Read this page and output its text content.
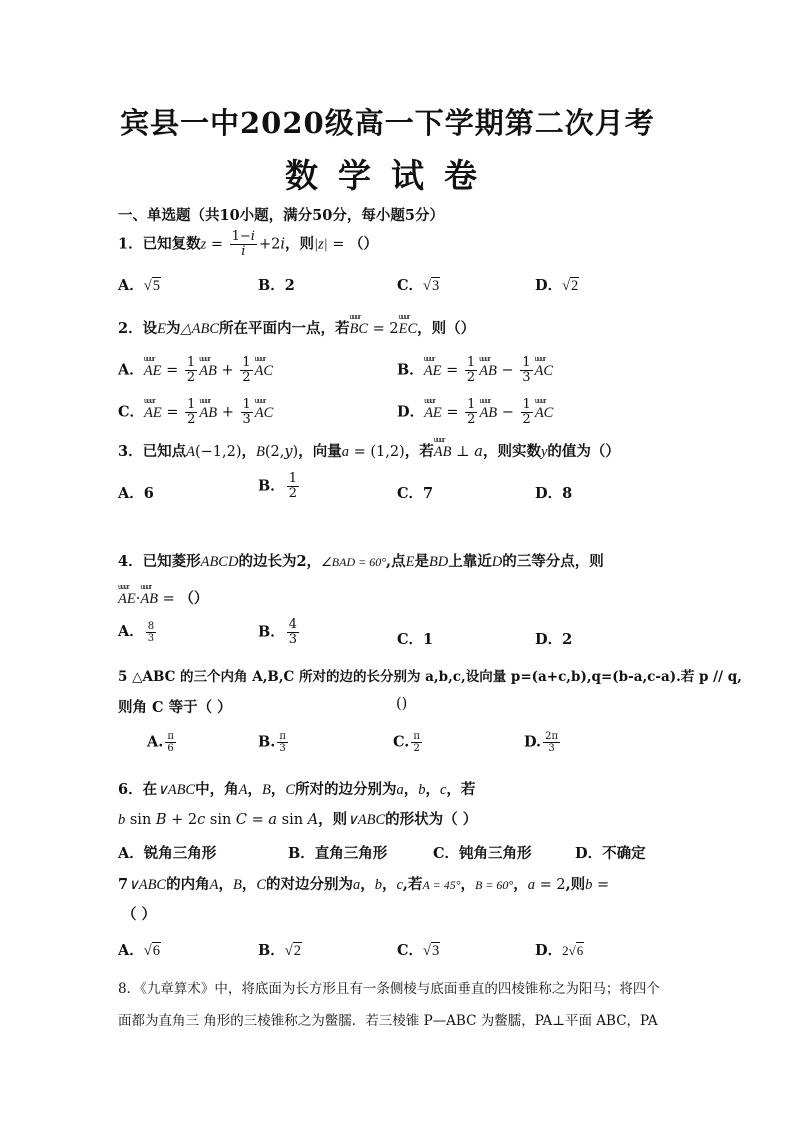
宾县一中2020级高一下学期第二次月考
数学试卷
一、单选题（共10小题，满分50分，每小题5分）
1．已知复数$z = \frac{1-i}{i} +2i$，则|z| = （）
A．√5	B．2	C．√3	D．√2
2．设E为△ABC所在平面内一点，若uuur BC = 2uuur EC，则（）
A．uuur AE = $\frac{1}{2}$ uuur AB + $\frac{1}{2}$ uuur AC	B．uuur AE = $\frac{1}{2}$ uuur AB − $\frac{1}{3}$ uuur AC
C．uuur AE = $\frac{1}{2}$ uuur AB + $\frac{1}{3}$ uuur AC	D．uuur AE = $\frac{1}{2}$ uuur AB − $\frac{1}{2}$ uuur AC
3．已知点A(−1,2)，B(2,y)，向量a = (1,2)，若uuur AB ⊥ a，则实数y的值为（）
A．6	B． $\frac{1}{2}$	C．7	D．8
4．已知菱形ABCD的边长为2，∠BAD = 60°,点E是BD上靠近D的三等分点，则
uuur AE·uuur AB = （）
A． $\frac{8}{3}$	B． $\frac{4}{3}$	C．1	D．2
5 △ABC 的三个内角 A,B,C 所对的边的长分别为 a,b,c,设向量 p=(a+c,b),q=(b-a,c-a).若 p // q,
则角 C 等于（ ）	()
A. $\frac{\pi}{6}$	B. $\frac{\pi}{3}$	C. $\frac{\pi}{2}$	D. $\frac{2\pi}{3}$
6．在∨ABC中，角A，B，C所对的边分别为a，b，c，若
b sin B + 2c sin C = a sin A，则∨ABC的形状为（ ）
A．锐角三角形	B．直角三角形	C．钝角三角形	D．不确定
7∨ABC的内角A，B，C的对边分别为a，b，c,若A = 45°，B = 60°，a = 2,则b =
（ ）
A．√6	B．√2	C．√3	D．2√6
8．《九章算术》中，将底面为长方形且有一条侧棱与底面垂直的四棱锥称之为阳马；将四个
面都为直角三 角形的三棱锥称之为鳖臑．若三棱锥 P—ABC 为鳖臑，PA⊥平面 ABC，PA
